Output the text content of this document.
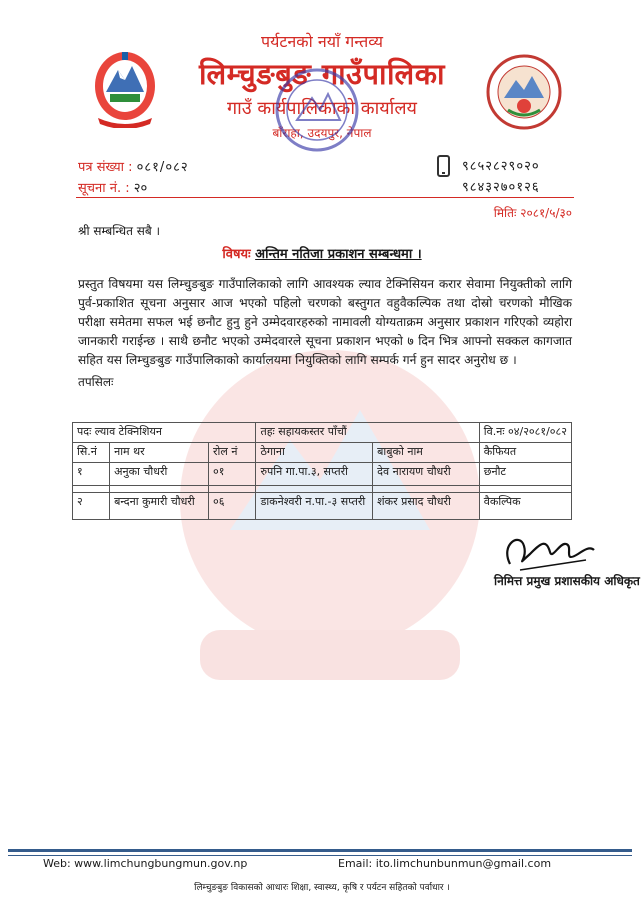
पर्यटनको नयाँ गन्तव्य
लिम्चुङबुङ गाउँपालिका
गाउँ कार्यपालिकाको कार्यालय
बाँराहा, उदयपुर, नेपाल
पत्र संख्या : ०८१/०८२
सूचना नं. : २०
९८५२८२९०२०
९८४३२७०१२६
मितिः २०८१/५/३०
श्री सम्बन्धित सबै ।
विषयः अन्तिम नतिजा प्रकाशन सम्बन्धमा ।
प्रस्तुत विषयमा यस लिम्चुङबुङ गाउँपालिकाको लागि आवश्यक ल्याव टेक्निसियन करार सेवामा नियुक्तीको लागि पुर्व-प्रकाशित सूचना अनुसार आज भएको पहिलो चरणको बस्तुगत वहुवैकल्पिक तथा दोस्रो चरणको मौखिक परीक्षा समेतमा सफल भई छनौट हुनु हुने उम्मेदवारहरुको नामावली योग्यताक्रम अनुसार प्रकाशन गरिएको व्यहोरा जानकारी गराईन्छ । साथै छनौट भएको उम्मेदवारले सूचना प्रकाशन भएको ७ दिन भित्र आफ्नो सक्कल कागजात सहित यस लिम्चुङबुङ गाउँपालिकाको कार्यालयमा नियुक्तिको लागि सम्पर्क गर्न हुन सादर अनुरोध छ ।
तपसिलः
पदः ल्याव टेक्निशियन			तहः सहायकस्तर पाँचौं		वि.नः ०४/२०८१/०८२
सि.नं	नाम थर	रोल नं	ठेगाना	बाबुको नाम	कैफियत
१	अनुका चौधरी	०१	रुपनि गा.पा.३, सप्तरी	देव नारायण चौधरी	छनौट

२	बन्दना कुमारी चौधरी	०६	डाकनेश्वरी न.पा.-३ सप्तरी	शंकर प्रसाद चौधरी	वैकल्पिक
निमित्त प्रमुख प्रशासकीय अधिकृत
Web: www.limchungbungmun.gov.np	Email: ito.limchunbunmun@gmail.com
लिम्चुङबुङ विकासको आधारः शिक्षा, स्वास्थ्य, कृषि र पर्यटन सहितको पर्वाधार ।
